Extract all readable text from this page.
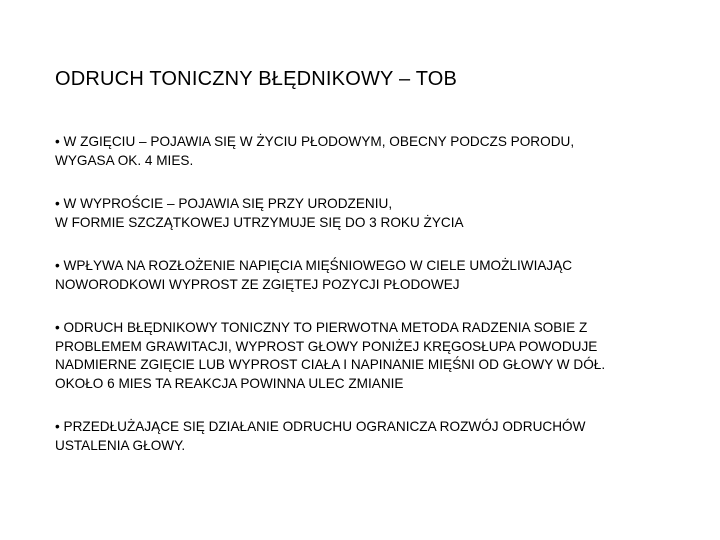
ODRUCH TONICZNY BŁĘDNIKOWY – TOB
• W ZGIĘCIU – POJAWIA SIĘ W ŻYCIU PŁODOWYM, OBECNY PODCZS PORODU,
WYGASA OK. 4 MIES.
• W WYPROŚCIE – POJAWIA SIĘ PRZY URODZENIU,
W FORMIE SZCZĄTKOWEJ UTRZYMUJE SIĘ DO 3 ROKU ŻYCIA
• WPŁYWA NA ROZŁOŻENIE NAPIĘCIA MIĘŚNIOWEGO W CIELE UMOŻLIWIAJĄC
NOWORODKOWI WYPROST ZE ZGIĘTEJ POZYCJI PŁODOWEJ
• ODRUCH BŁĘDNIKOWY TONICZNY TO PIERWOTNA METODA RADZENIA SOBIE Z
PROBLEMEM GRAWITACJI, WYPROST GŁOWY PONIŻEJ KRĘGOSŁUPA POWODUJE
NADMIERNE ZGIĘCIE LUB WYPROST CIAŁA I NAPINANIE MIĘŚNI OD GŁOWY W DÓŁ.
OKOŁO 6 MIES TA REAKCJA POWINNA ULEC ZMIANIE
• PRZEDŁUŻAJĄCE SIĘ DZIAŁANIE ODRUCHU OGRANICZA ROZWÓJ ODRUCHÓW
USTALENIA GŁOWY.
